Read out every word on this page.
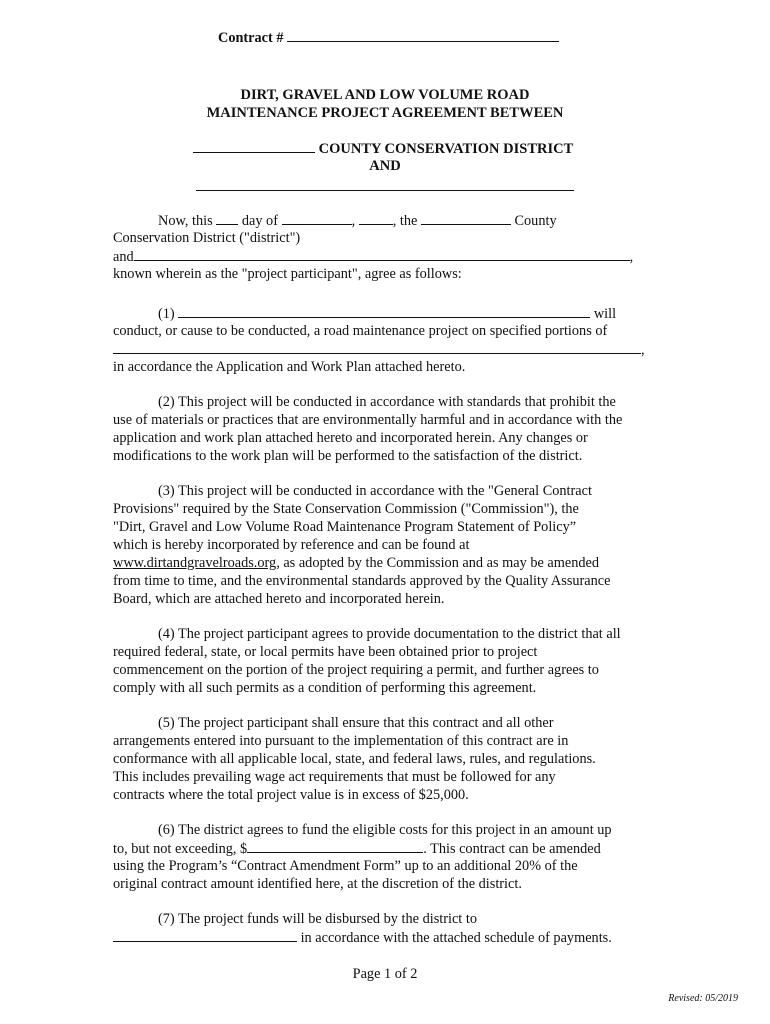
Contract #
DIRT, GRAVEL AND LOW VOLUME ROAD
MAINTENANCE PROJECT AGREEMENT BETWEEN
COUNTY CONSERVATION DISTRICT
AND
Now, this day of	,	, the	County
Conservation District ("district")
and	,
known wherein as the "project participant", agree as follows:
(1)	will
conduct, or cause to be conducted, a road maintenance project on specified portions of
,
in accordance the Application and Work Plan attached hereto.
(2) This project will be conducted in accordance with standards that prohibit the
use of materials or practices that are environmentally harmful and in accordance with the
application and work plan attached hereto and incorporated herein. Any changes or
modifications to the work plan will be performed to the satisfaction of the district.
(3) This project will be conducted in accordance with the "General Contract
Provisions" required by the State Conservation Commission ("Commission"), the
"Dirt, Gravel and Low Volume Road Maintenance Program Statement of Policy”
which is hereby incorporated by reference and can be found at
www.dirtandgravelroads.org, as adopted by the Commission and as may be amended
from time to time, and the environmental standards approved by the Quality Assurance
Board, which are attached hereto and incorporated herein.
(4) The project participant agrees to provide documentation to the district that all
required federal, state, or local permits have been obtained prior to project
commencement on the portion of the project requiring a permit, and further agrees to
comply with all such permits as a condition of performing this agreement.
(5) The project participant shall ensure that this contract and all other
arrangements entered into pursuant to the implementation of this contract are in
conformance with all applicable local, state, and federal laws, rules, and regulations.
This includes prevailing wage act requirements that must be followed for any
contracts where the total project value is in excess of $25,000.
(6) The district agrees to fund the eligible costs for this project in an amount up
to, but not exceeding, $	. This contract can be amended
using the Program’s “Contract Amendment Form” up to an additional 20% of the
original contract amount identified here, at the discretion of the district.
(7) The project funds will be disbursed by the district to
in accordance with the attached schedule of payments.
Page 1 of 2
Revised: 05/2019
